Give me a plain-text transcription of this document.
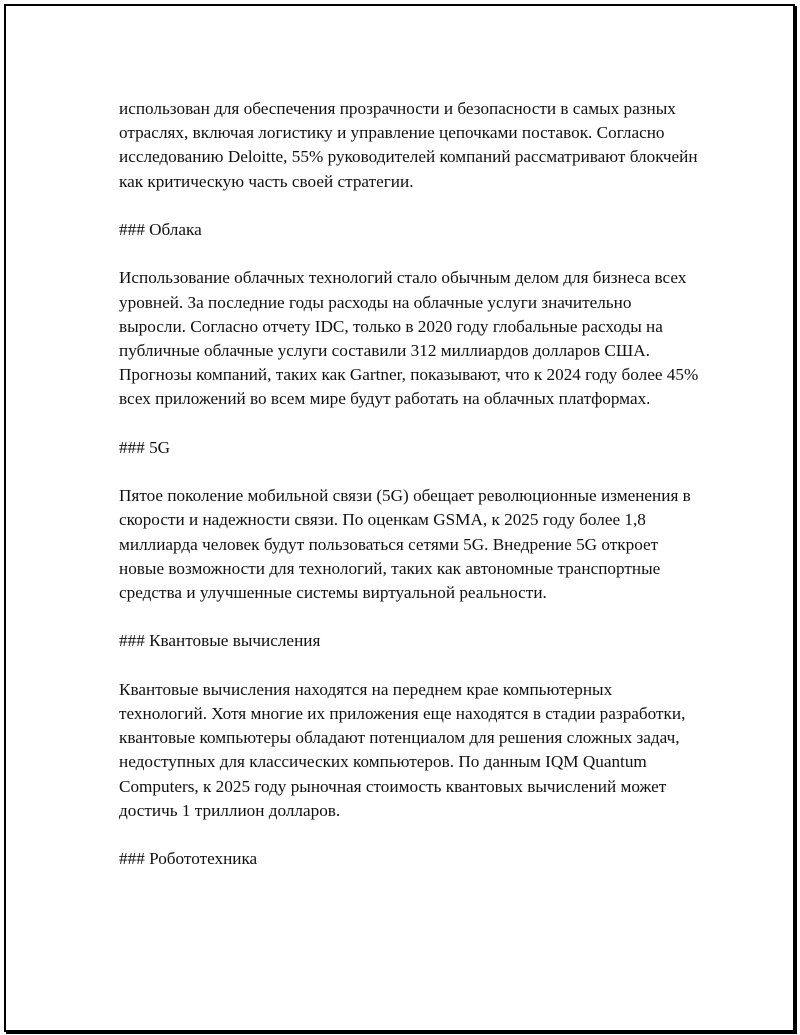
использован для обеспечения прозрачности и безопасности в самых разных отраслях, включая логистику и управление цепочками поставок. Согласно исследованию Deloitte, 55% руководителей компаний рассматривают блокчейн как критическую часть своей стратегии.

### Облака

Использование облачных технологий стало обычным делом для бизнеса всех уровней. За последние годы расходы на облачные услуги значительно выросли. Согласно отчету IDC, только в 2020 году глобальные расходы на публичные облачные услуги составили 312 миллиардов долларов США. Прогнозы компаний, таких как Gartner, показывают, что к 2024 году более 45% всех приложений во всем мире будут работать на облачных платформах.

### 5G

Пятое поколение мобильной связи (5G) обещает революционные изменения в скорости и надежности связи. По оценкам GSMA, к 2025 году более 1,8 миллиарда человек будут пользоваться сетями 5G. Внедрение 5G откроет новые возможности для технологий, таких как автономные транспортные средства и улучшенные системы виртуальной реальности.

### Квантовые вычисления

Квантовые вычисления находятся на переднем крае компьютерных технологий. Хотя многие их приложения еще находятся в стадии разработки, квантовые компьютеры обладают потенциалом для решения сложных задач, недоступных для классических компьютеров. По данным IQM Quantum Computers, к 2025 году рыночная стоимость квантовых вычислений может достичь 1 триллион долларов.

### Робототехника
